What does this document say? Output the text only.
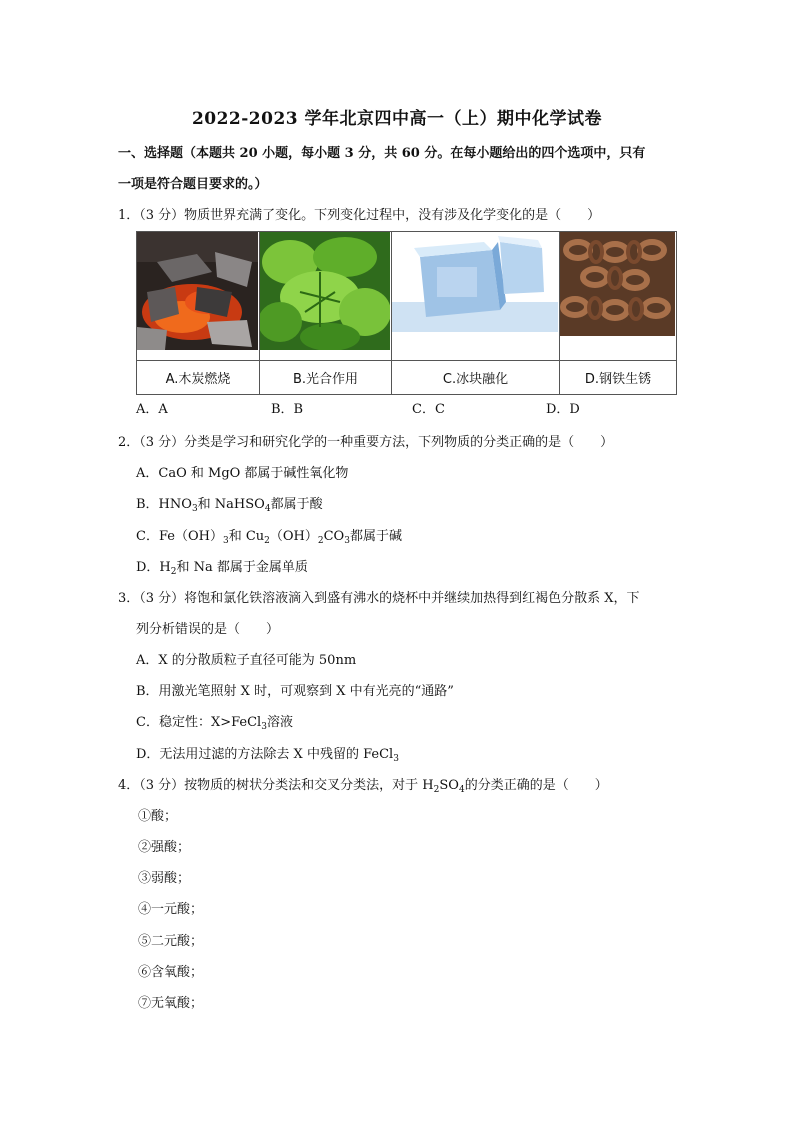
2022-2023 学年北京四中高一（上）期中化学试卷
一、选择题（本题共 20 小题，每小题 3 分，共 60 分。在每小题给出的四个选项中，只有
一项是符合题目要求的。）
1．（3 分）物质世界充满了变化。下列变化过程中，没有涉及化学变化的是（　　）

A.木炭燃烧	B.光合作用	C.冰块融化	D.钢铁生锈
A．A	B．B	C．C	D．D
2．（3 分）分类是学习和研究化学的一种重要方法，下列物质的分类正确的是（　　）
A．CaO 和 MgO 都属于碱性氧化物
B．$HNO_3$和 NaHSO$_4$都属于酸
C．$Fe(OH)_3$和 $Cu_2(OH)_2CO_3$都属于碱
D．$H_2$和 Na 都属于金属单质
3．（3 分）将饱和氯化铁溶液滴入到盛有沸水的烧杯中并继续加热得到红褐色分散系 X，下
列分析错误的是（　　）
A．X 的分散质粒子直径可能为 50nm
B．用激光笔照射 X 时，可观察到 X 中有光亮的“通路”
C．稳定性：X>FeCl$_3$溶液
D．无法用过滤的方法除去 X 中残留的 FeCl$_3$
4．（3 分）按物质的树状分类法和交叉分类法，对于 $H_2SO_4$的分类正确的是（　　）
①酸；
②强酸；
③弱酸；
④一元酸；
⑤二元酸；
⑥含氧酸；
⑦无氧酸；
